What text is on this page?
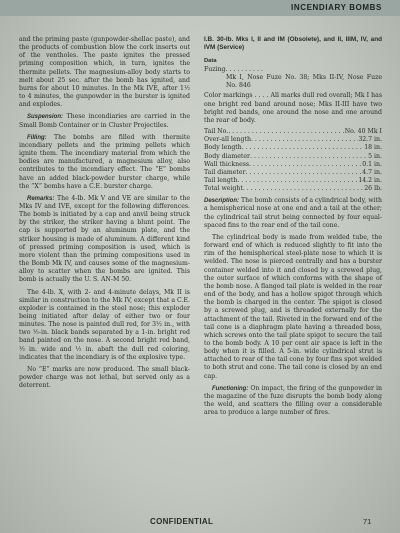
INCENDIARY BOMBS

and the priming paste (gunpowder-shellac paste), and the products of combustion blow the cork inserts out of the ventholes. The paste ignites the pressed priming composition which, in turn, ignites the thermite pellets. The magnesium-alloy body starts to melt about 25 sec. after the bomb has ignited, and burns for about 10 minutes. In the Mk IVE, after 1½ to 4 minutes, the gunpowder in the burster is ignited and explodes.

Suspension: These incendiaries are carried in the Small Bomb Container or in Cluster Projectiles.

Filling: The bombs are filled with thermite incendiary pellets and the priming pellets which ignite them. The incendiary material from which the bodies are manufactured, a magnesium alloy, also contributes to the incendiary effect. The “E” bombs have an added black-powder burster charge, while the “X” bombs have a C.E. burster charge.

Remarks: The 4-lb. Mk V and VE are similar to the Mks IV and IVE, except for the following differences. The bomb is initiated by a cap and anvil being struck by the striker, the striker having a blunt point. The cap is supported by an aluminum plate, and the striker housing is made of aluminum. A different kind of pressed priming composition is used, which is more violent than the priming compositions used in the Bomb Mk IV, and causes some of the magnesium-alloy to scatter when the bombs are ignited. This bomb is actually the U. S. AN-M 50.

The 4-lb. X, with 2- and 4-minute delays, Mk II is similar in construction to the Mk IV, except that a C.E. exploder is contained in the steel nose; this exploder being initiated after delay of either two or four minutes. The nose is painted dull red, for 3½ in., with two ½-in. black bands separated by a 1-in. bright red band painted on the nose. A second bright red band, ½ in. wide and ½ in. abaft the dull red coloring, indicates that the incendiary is of the explosive type.

No “E” marks are now produced. The small black-powder charge was not lethal, but served only as a deterrent.

I.B. 30-lb. Mks I, II and IM (Obsolete), and II, IIIM, IV, and IVM (Service)

Data
Fuzing . . . . . . . . . .
Mk I, Nose Fuze No. 38; Mks II-IV, Nose Fuze No. 846
Color markings . . . . All marks dull red overall; Mk I has one bright red band around nose; Mks II-III have two bright red bands, one around the nose and one around the rear of body.
Tail No. . . .	No. 40 Mk I
Over-all length . . .	32.7 in.
Body length . . .	18 in.
Body diameter . . .	5 in.
Wall thickness . . .	0.1 in.
Tail diameter . . .	4.7 in.
Tail length . . .	14.2 in.
Total weight . . .	26 lb.

Description: The bomb consists of a cylindrical body, with a hemispherical nose at one end and a tail at the other; the cylindrical tail strut being connected by four equal-spaced fins to the rear end of the tail cone.

The cylindrical body is made from welded tube, the forward end of which is reduced slightly to fit into the rim of the hemispherical steel-plate nose to which it is welded. The nose is pierced centrally and has a burster container welded into it and closed by a screwed plug, the outer surface of which conforms with the shape of the bomb nose. A flanged tail plate is welded in the rear end of the body, and has a hollow spigot through which the bomb is charged in the center. The spigot is closed by a screwed plug, and is threaded externally for the attachment of the tail. Riveted in the forward end of the tail cone is a diaphragm plate having a threaded boss, which screws onto the tail plate spigot to secure the tail to the bomb body. A 10 per cent air space is left in the body when it is filled. A 5-in. wide cylindrical strut is attached to rear of the tail cone by four fins spot welded to both strut and cone. The tail cone is closed by an end cap.

Functioning: On impact, the firing of the gunpowder in the magazine of the fuze disrupts the bomb body along the weld, and scatters the filling over a considerable area to produce a large number of fires.

CONFIDENTIAL	71
